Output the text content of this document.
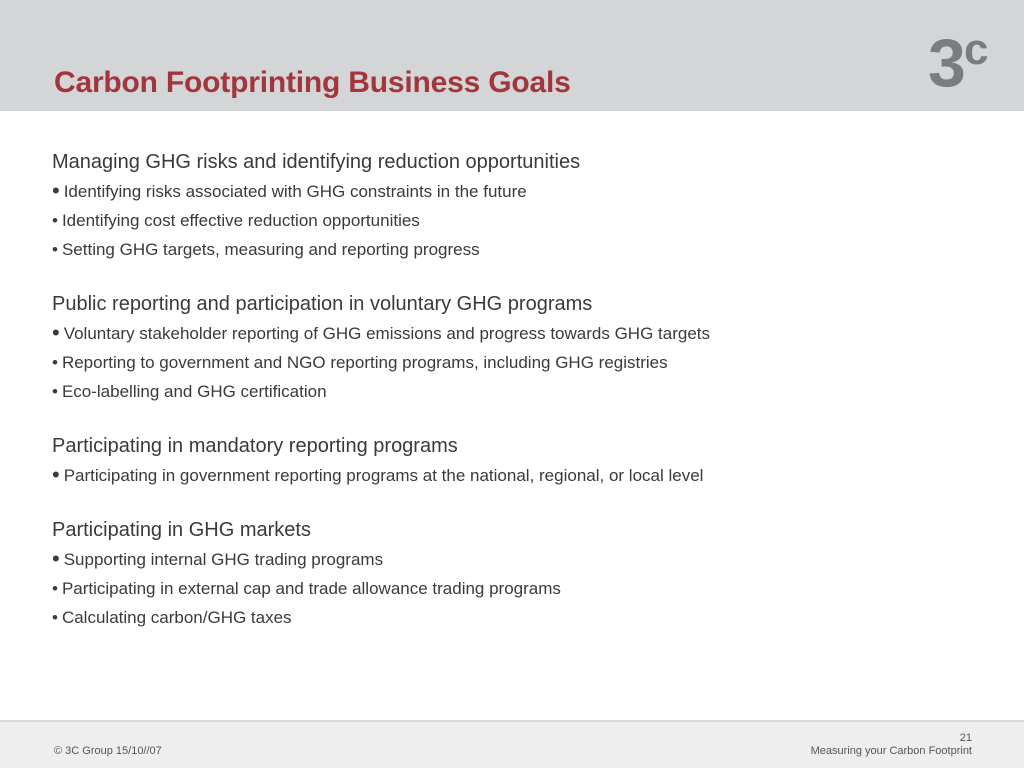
Carbon Footprinting Business Goals	3
c
Managing GHG risks and identifying reduction opportunities
• Identifying risks associated with GHG constraints in the future
• Identifying cost effective reduction opportunities
• Setting GHG targets, measuring and reporting progress
Public reporting and participation in voluntary GHG programs
• Voluntary stakeholder reporting of GHG emissions and progress towards GHG targets
• Reporting to government and NGO reporting programs, including GHG registries
• Eco-labelling and GHG certification
Participating in mandatory reporting programs
• Participating in government reporting programs at the national, regional, or local level
Participating in GHG markets
• Supporting internal GHG trading programs
• Participating in external cap and trade allowance trading programs
• Calculating carbon/GHG taxes
© 3C Group 15/10//07
21
Measuring your Carbon Footprint
